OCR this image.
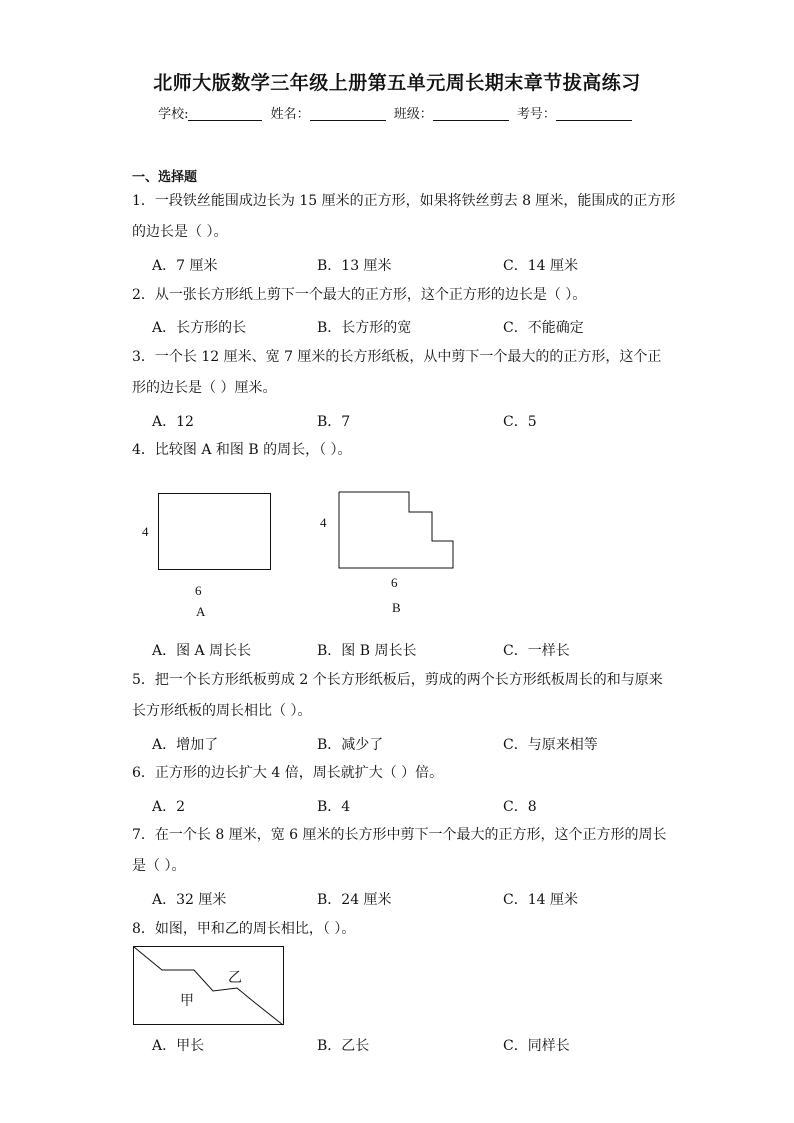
北师大版数学三年级上册第五单元周长期末章节拔高练习
学校:	姓名：	班级：	考号：
一、选择题
1．一段铁丝能围成边长为 15 厘米的正方形，如果将铁丝剪去 8 厘米，能围成的正方形
的边长是（ ）。
A．7 厘米	B．13 厘米	C．14 厘米
2．从一张长方形纸上剪下一个最大的正方形，这个正方形的边长是（ ）。
A．长方形的长	B．长方形的宽	C．不能确定
3．一个长 12 厘米、宽 7 厘米的长方形纸板，从中剪下一个最大的的正方形，这个正
形的边长是（ ）厘米。
A．12	B．7	C．5
4．比较图 A 和图 B 的周长，（ ）。
4
6
A
4
6
B
A．图 A 周长长	B．图 B 周长长	C．一样长
5．把一个长方形纸板剪成 2 个长方形纸板后，剪成的两个长方形纸板周长的和与原来
长方形纸板的周长相比（ ）。
A．增加了	B．减少了	C．与原来相等
6．正方形的边长扩大 4 倍，周长就扩大（ ）倍。
A．2	B．4	C．8
7．在一个长 8 厘米，宽 6 厘米的长方形中剪下一个最大的正方形，这个正方形的周长
是（ ）。
A．32 厘米	B．24 厘米	C．14 厘米
8．如图，甲和乙的周长相比，（ ）。
乙
甲
A．甲长	B．乙长	C．同样长
